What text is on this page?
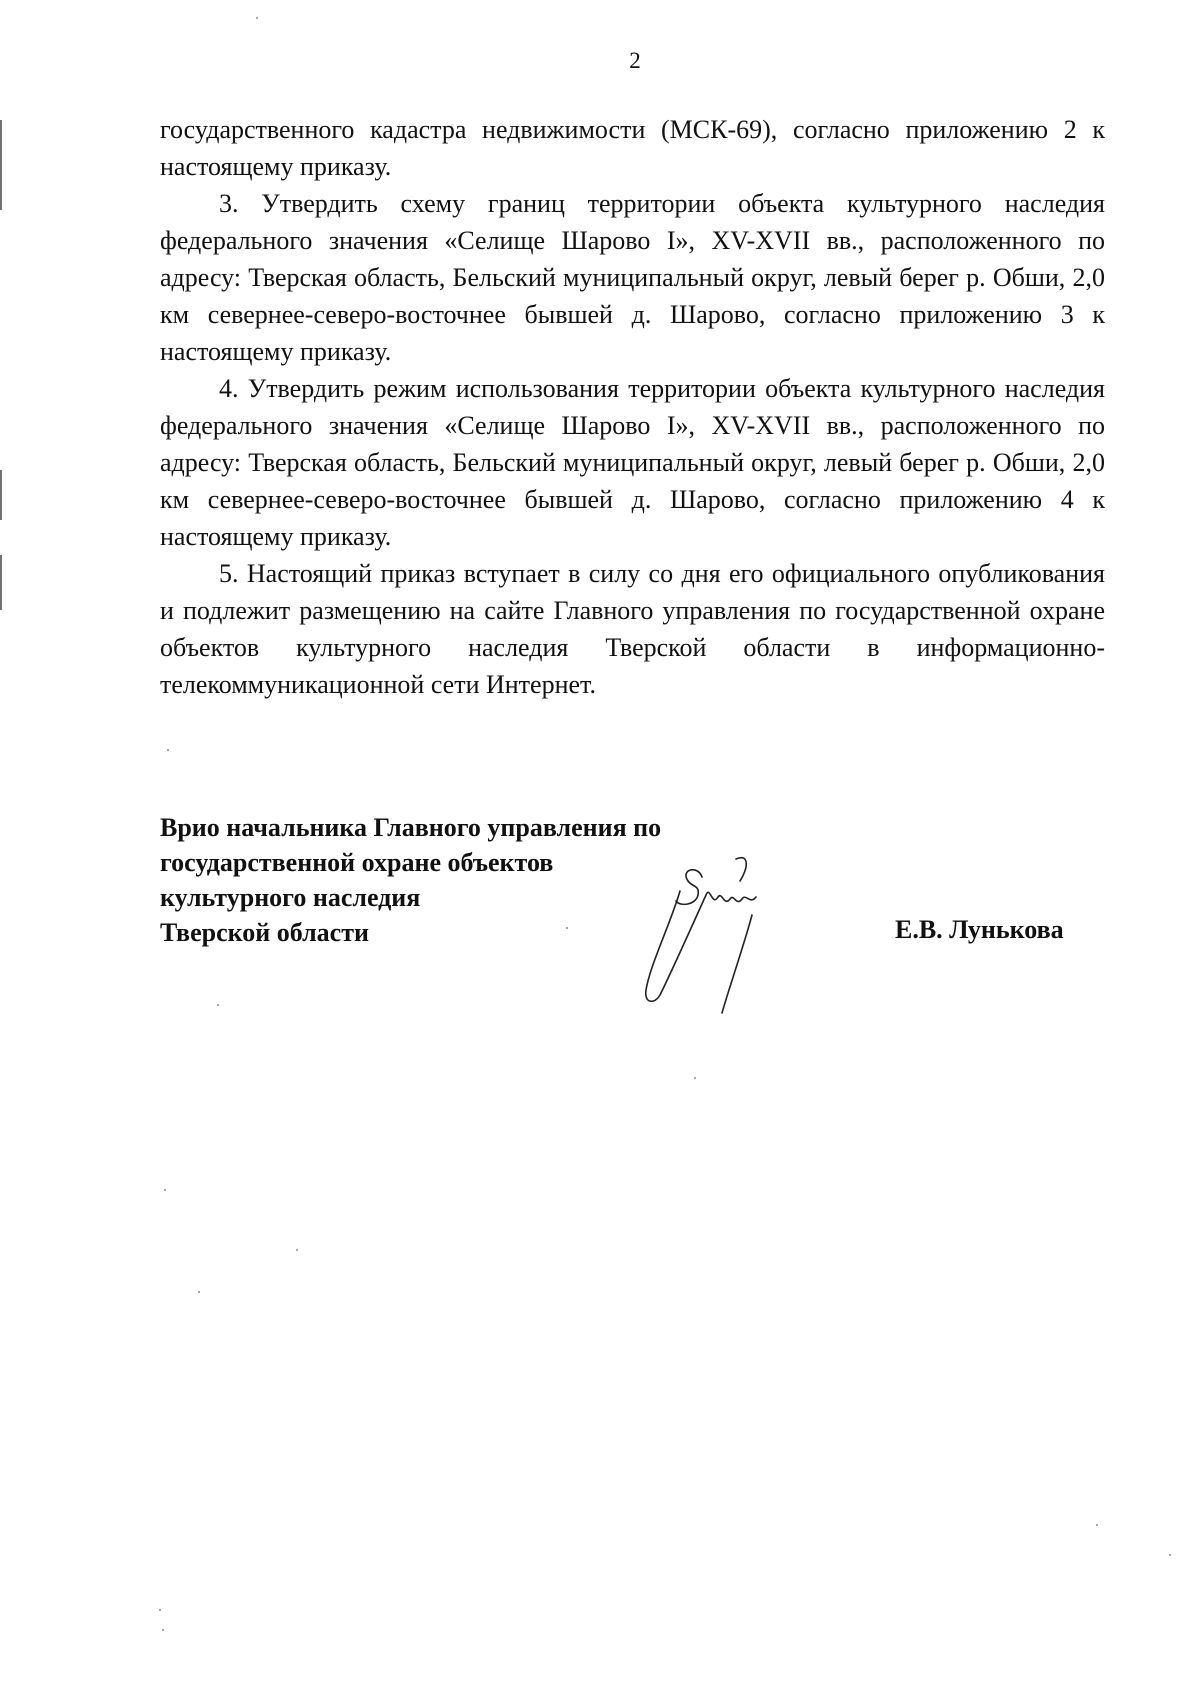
2

государственного кадастра недвижимости (МСК-69), согласно приложению 2 к настоящему приказу.

3. Утвердить схему границ территории объекта культурного наследия федерального значения «Селище Шарово I», XV-XVII вв., расположенного по адресу: Тверская область, Бельский муниципальный округ, левый берег р. Обши, 2,0 км севернее-северо-восточнее бывшей д. Шарово, согласно приложению 3 к настоящему приказу.

4. Утвердить режим использования территории объекта культурного наследия федерального значения «Селище Шарово I», XV-XVII вв., расположенного по адресу: Тверская область, Бельский муниципальный округ, левый берег р. Обши, 2,0 км севернее-северо-восточнее бывшей д. Шарово, согласно приложению 4 к настоящему приказу.

5. Настоящий приказ вступает в силу со дня его официального опубликования и подлежит размещению на сайте Главного управления по государственной охране объектов культурного наследия Тверской области в информационно-телекоммуникационной сети Интернет.

Врио начальника Главного управления по
государственной охране объектов
культурного наследия
Тверской области	Е.В. Лунькова
